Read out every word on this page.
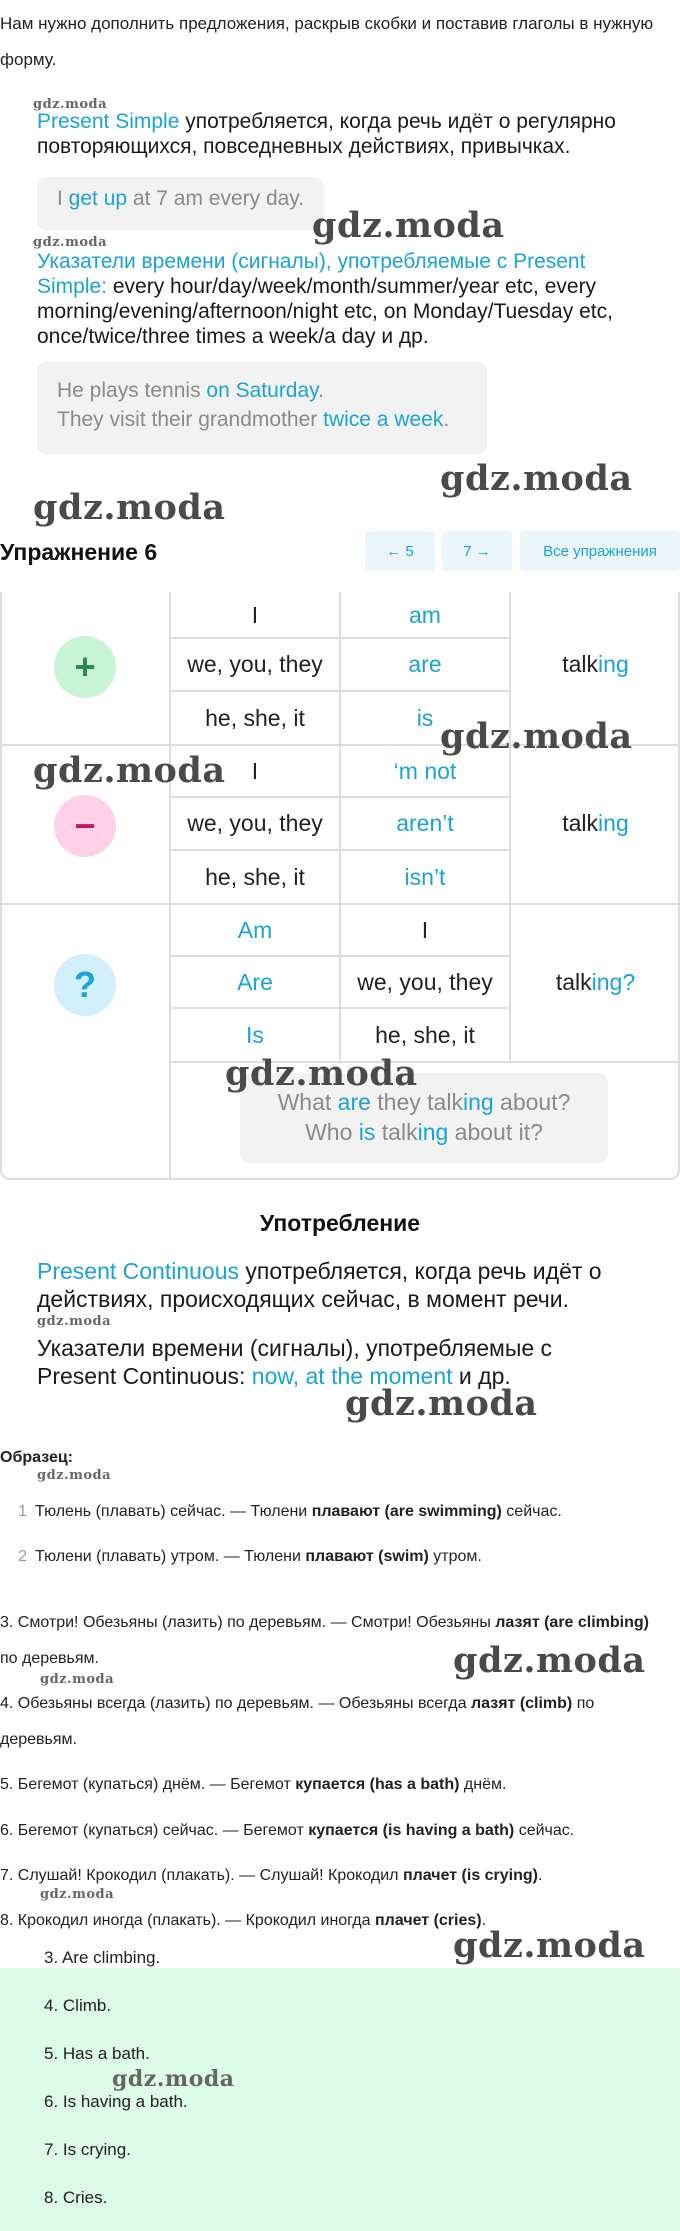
Нам нужно дополнить предложения, раскрыв скобки и поставив глаголы в нужную форму.
gdz.moda
Present Simple употребляется, когда речь идёт о регулярно повторяющихся, повседневных действиях, привычках.
I get up at 7 am every day.
gdz.moda
gdz.moda
Указатели времени (сигналы), употребляемые с Present Simple: every hour/day/week/month/summer/year etc, every morning/evening/afternoon/night etc, on Monday/Tuesday etc, once/twice/three times a week/a day и др.
He plays tennis on Saturday.
They visit their grandmother twice a week.
gdz.moda
gdz.moda
Упражнение 6	← 5	7 →	Все упражнения
+
I	am
we, you, they	are
he, she, it	is
talk ing
−
I	‘m not
we, you, they	aren’t
he, she, it	isn’t
talk ing
?
Am	I
Are	we, you, they
Is	he, she, it
talk ing?
What are they talking about?
Who is talking about it?
gdz.moda
gdz.moda
gdz.moda
Употребление
Present Continuous употребляется, когда речь идёт о действиях, происходящих сейчас, в момент речи.
gdz.moda
Указатели времени (сигналы), употребляемые с Present Continuous: now, at the moment и др.
gdz.moda
Образец:
gdz.moda
1 Тюлень (плавать) сейчас. — Тюлени плавают (are swimming) сейчас.
2 Тюлени (плавать) утром. — Тюлени плавают (swim) утром.
3. Смотри! Обезьяны (лазить) по деревьям. — Смотри! Обезьяны лазят (are climbing) по деревьям.	gdz.moda
gdz.moda
4. Обезьяны всегда (лазить) по деревьям. — Обезьяны всегда лазят (climb) по деревьям.
5. Бегемот (купаться) днём. — Бегемот купается (has a bath) днём.
6. Бегемот (купаться) сейчас. — Бегемот купается (is having a bath) сейчас.
7. Слушай! Крокодил (плакать). — Слушай! Крокодил плачет (is crying).
gdz.moda
8. Крокодил иногда (плакать). — Крокодил иногда плачет (cries).
gdz.moda
3. Are climbing.
4. Climb.
5. Has a bath.
gdz.moda
6. Is having a bath.
7. Is crying.
8. Cries.
